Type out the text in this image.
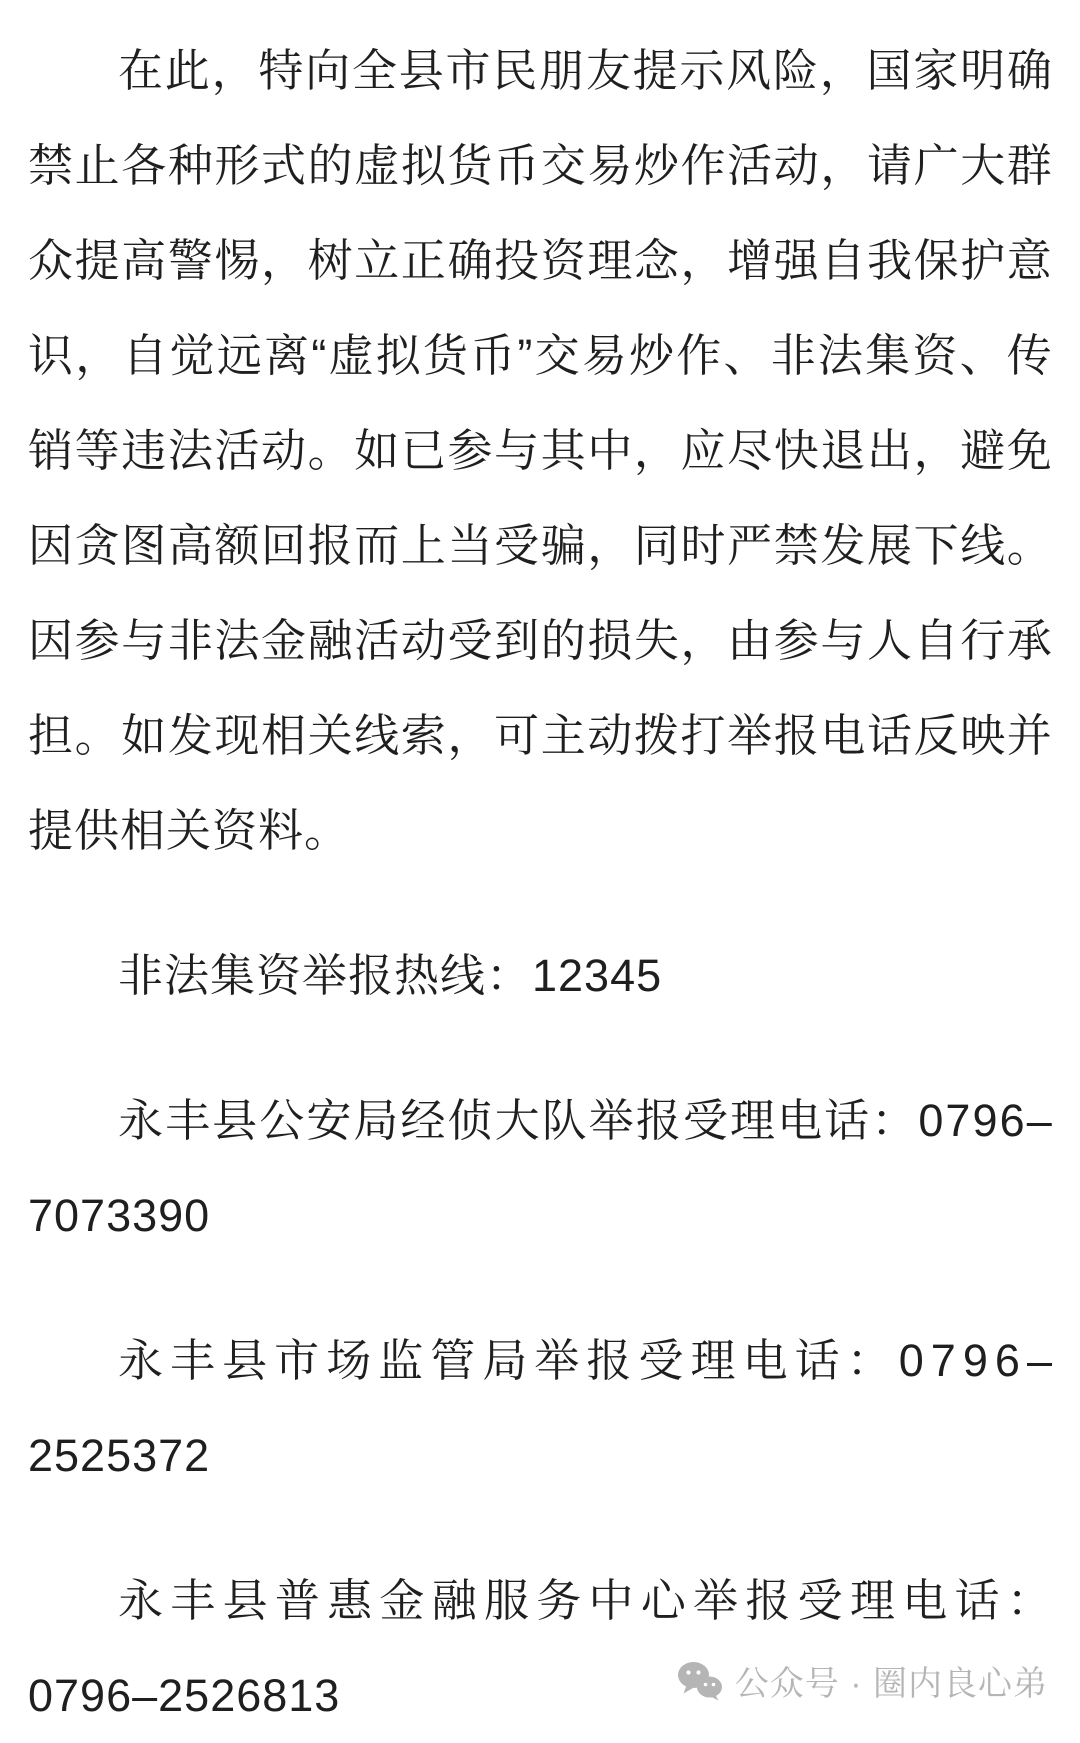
在 此 ， 特 向 全 县 市 民 朋 友 提 示 风 险 ， 国 家 明 确
禁 止 各 种 形 式 的 虚 拟 货 币 交 易 炒 作 活 动 ， 请 广 大 群
众 提 高 警 惕 ， 树 立 正 确 投 资 理 念 ， 增 强 自 我 保 护 意
识 ， 自 觉 远 离 “ 虚 拟 货 币 ” 交 易 炒 作 、 非 法 集 资 、 传
销 等 违 法 活 动 。 如 已 参 与 其 中 ， 应 尽 快 退 出 ， 避 免
因 贪 图 高 额 回 报 而 上 当 受 骗 ， 同 时 严 禁 发 展 下 线 。
因 参 与 非 法 金 融 活 动 受 到 的 损 失 ， 由 参 与 人 自 行 承
担 。 如 发 现 相 关 线 索 ， 可 主 动 拨 打 举 报 电 话 反 映 并
提供相关资料。
非法集资举报热线：12345
永 丰 县 公 安 局 经 侦 大 队 举 报 受 理 电 话 ： 0 7 9 6 –
7073390
永 丰 县 市 场 监 管 局 举 报 受 理 电 话 ： 0 7 9 6 –
2525372
永 丰 县 普 惠 金 融 服 务 中 心 举 报 受 理 电 话 ：
0796–2526813	公众号 · 圈内良心弟
